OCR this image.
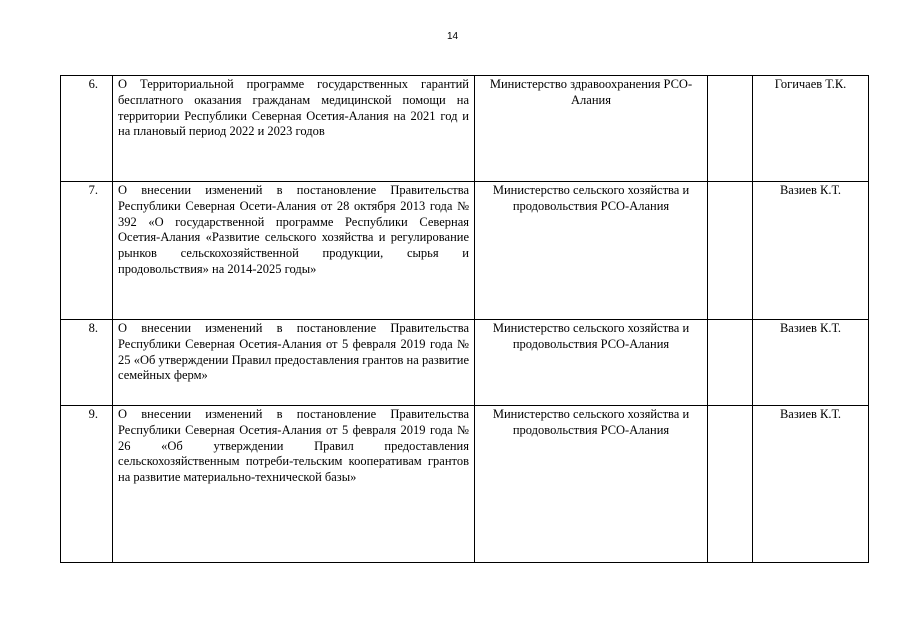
14
6.	О Территориальной программе государственных гарантий бесплатного оказания гражданам медицинской помощи на территории Республики Северная Осетия-Алания на 2021 год и на плановый период 2022 и 2023 годов	Министерство здравоохранения РСО-Алания		Гогичаев Т.К.
7.	О внесении изменений в постановление Правительства Республики Северная Осети-Алания от 28 октября 2013 года № 392 «О государственной программе Республики Северная Осетия-Алания «Развитие сельского хозяйства и регулирование рынков сельскохозяйственной продукции, сырья и продовольствия» на 2014-2025 годы»	Министерство сельского хозяйства и продовольствия РСО-Алания		Вазиев К.Т.
8.	О внесении изменений в постановление Правительства Республики Северная Осетия-Алания от 5 февраля 2019 года № 25 «Об утверждении Правил предоставления грантов на развитие семейных ферм»	Министерство сельского хозяйства и продовольствия РСО-Алания		Вазиев К.Т.
9.	О внесении изменений в постановление Правительства Республики Северная Осетия-Алания от 5 февраля 2019 года № 26 «Об утверждении Правил предоставления сельскохозяйственным потреби-тельским кооперативам грантов на развитие материально-технической базы»	Министерство сельского хозяйства и продовольствия РСО-Алания		Вазиев К.Т.
